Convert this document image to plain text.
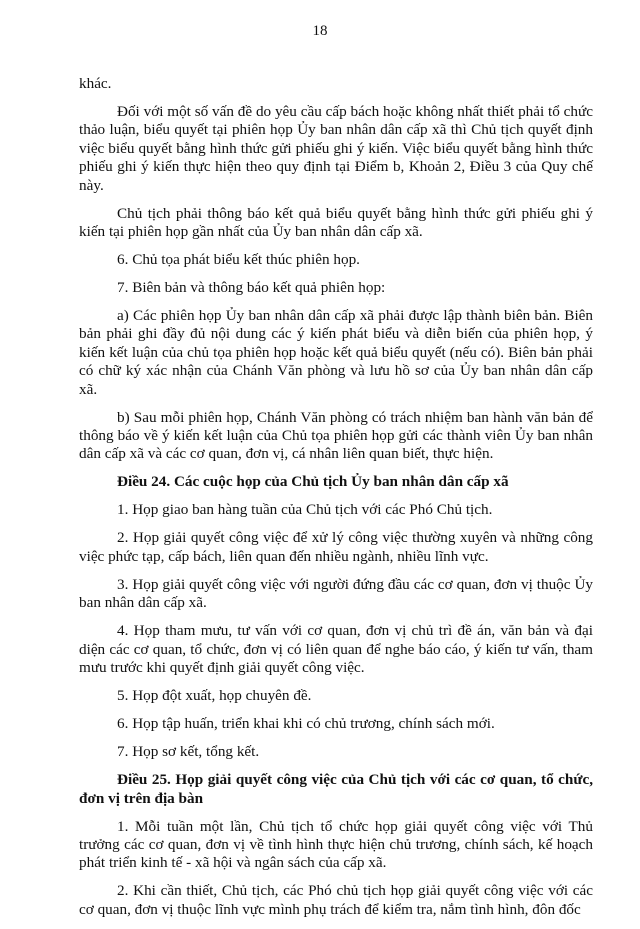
18

khác.

Đối với một số vấn đề do yêu cầu cấp bách hoặc không nhất thiết phải tổ chức thảo luận, biểu quyết tại phiên họp Ủy ban nhân dân cấp xã thì Chủ tịch quyết định việc biểu quyết bằng hình thức gửi phiếu ghi ý kiến. Việc biểu quyết bằng hình thức phiếu ghi ý kiến thực hiện theo quy định tại Điểm b, Khoản 2, Điều 3 của Quy chế này.

Chủ tịch phải thông báo kết quả biểu quyết bằng hình thức gửi phiếu ghi ý kiến tại phiên họp gần nhất của Ủy ban nhân dân cấp xã.

6. Chủ tọa phát biểu kết thúc phiên họp.

7. Biên bản và thông báo kết quả phiên họp:

a) Các phiên họp Ủy ban nhân dân cấp xã phải được lập thành biên bản. Biên bản phải ghi đầy đủ nội dung các ý kiến phát biểu và diễn biến của phiên họp, ý kiến kết luận của chủ tọa phiên họp hoặc kết quả biểu quyết (nếu có). Biên bản phải có chữ ký xác nhận của Chánh Văn phòng và lưu hồ sơ của Ủy ban nhân dân cấp xã.

b) Sau mỗi phiên họp, Chánh Văn phòng có trách nhiệm ban hành văn bản để thông báo về ý kiến kết luận của Chủ tọa phiên họp gửi các thành viên Ủy ban nhân dân cấp xã và các cơ quan, đơn vị, cá nhân liên quan biết, thực hiện.

Điều 24. Các cuộc họp của Chủ tịch Ủy ban nhân dân cấp xã

1. Họp giao ban hàng tuần của Chủ tịch với các Phó Chủ tịch.

2. Họp giải quyết công việc để xử lý công việc thường xuyên và những công việc phức tạp, cấp bách, liên quan đến nhiều ngành, nhiều lĩnh vực.

3. Họp giải quyết công việc với người đứng đầu các cơ quan, đơn vị thuộc Ủy ban nhân dân cấp xã.

4. Họp tham mưu, tư vấn với cơ quan, đơn vị chủ trì đề án, văn bản và đại diện các cơ quan, tổ chức, đơn vị có liên quan để nghe báo cáo, ý kiến tư vấn, tham mưu trước khi quyết định giải quyết công việc.

5. Họp đột xuất, họp chuyên đề.

6. Họp tập huấn, triển khai khi có chủ trương, chính sách mới.

7. Họp sơ kết, tổng kết.

Điều 25. Họp giải quyết công việc của Chủ tịch với các cơ quan, tổ chức, đơn vị trên địa bàn

1. Mỗi tuần một lần, Chủ tịch tổ chức họp giải quyết công việc với Thủ trưởng các cơ quan, đơn vị về tình hình thực hiện chủ trương, chính sách, kế hoạch phát triển kinh tế - xã hội và ngân sách của cấp xã.

2. Khi cần thiết, Chủ tịch, các Phó chủ tịch họp giải quyết công việc với các cơ quan, đơn vị thuộc lĩnh vực mình phụ trách để kiểm tra, nắm tình hình, đôn đốc
